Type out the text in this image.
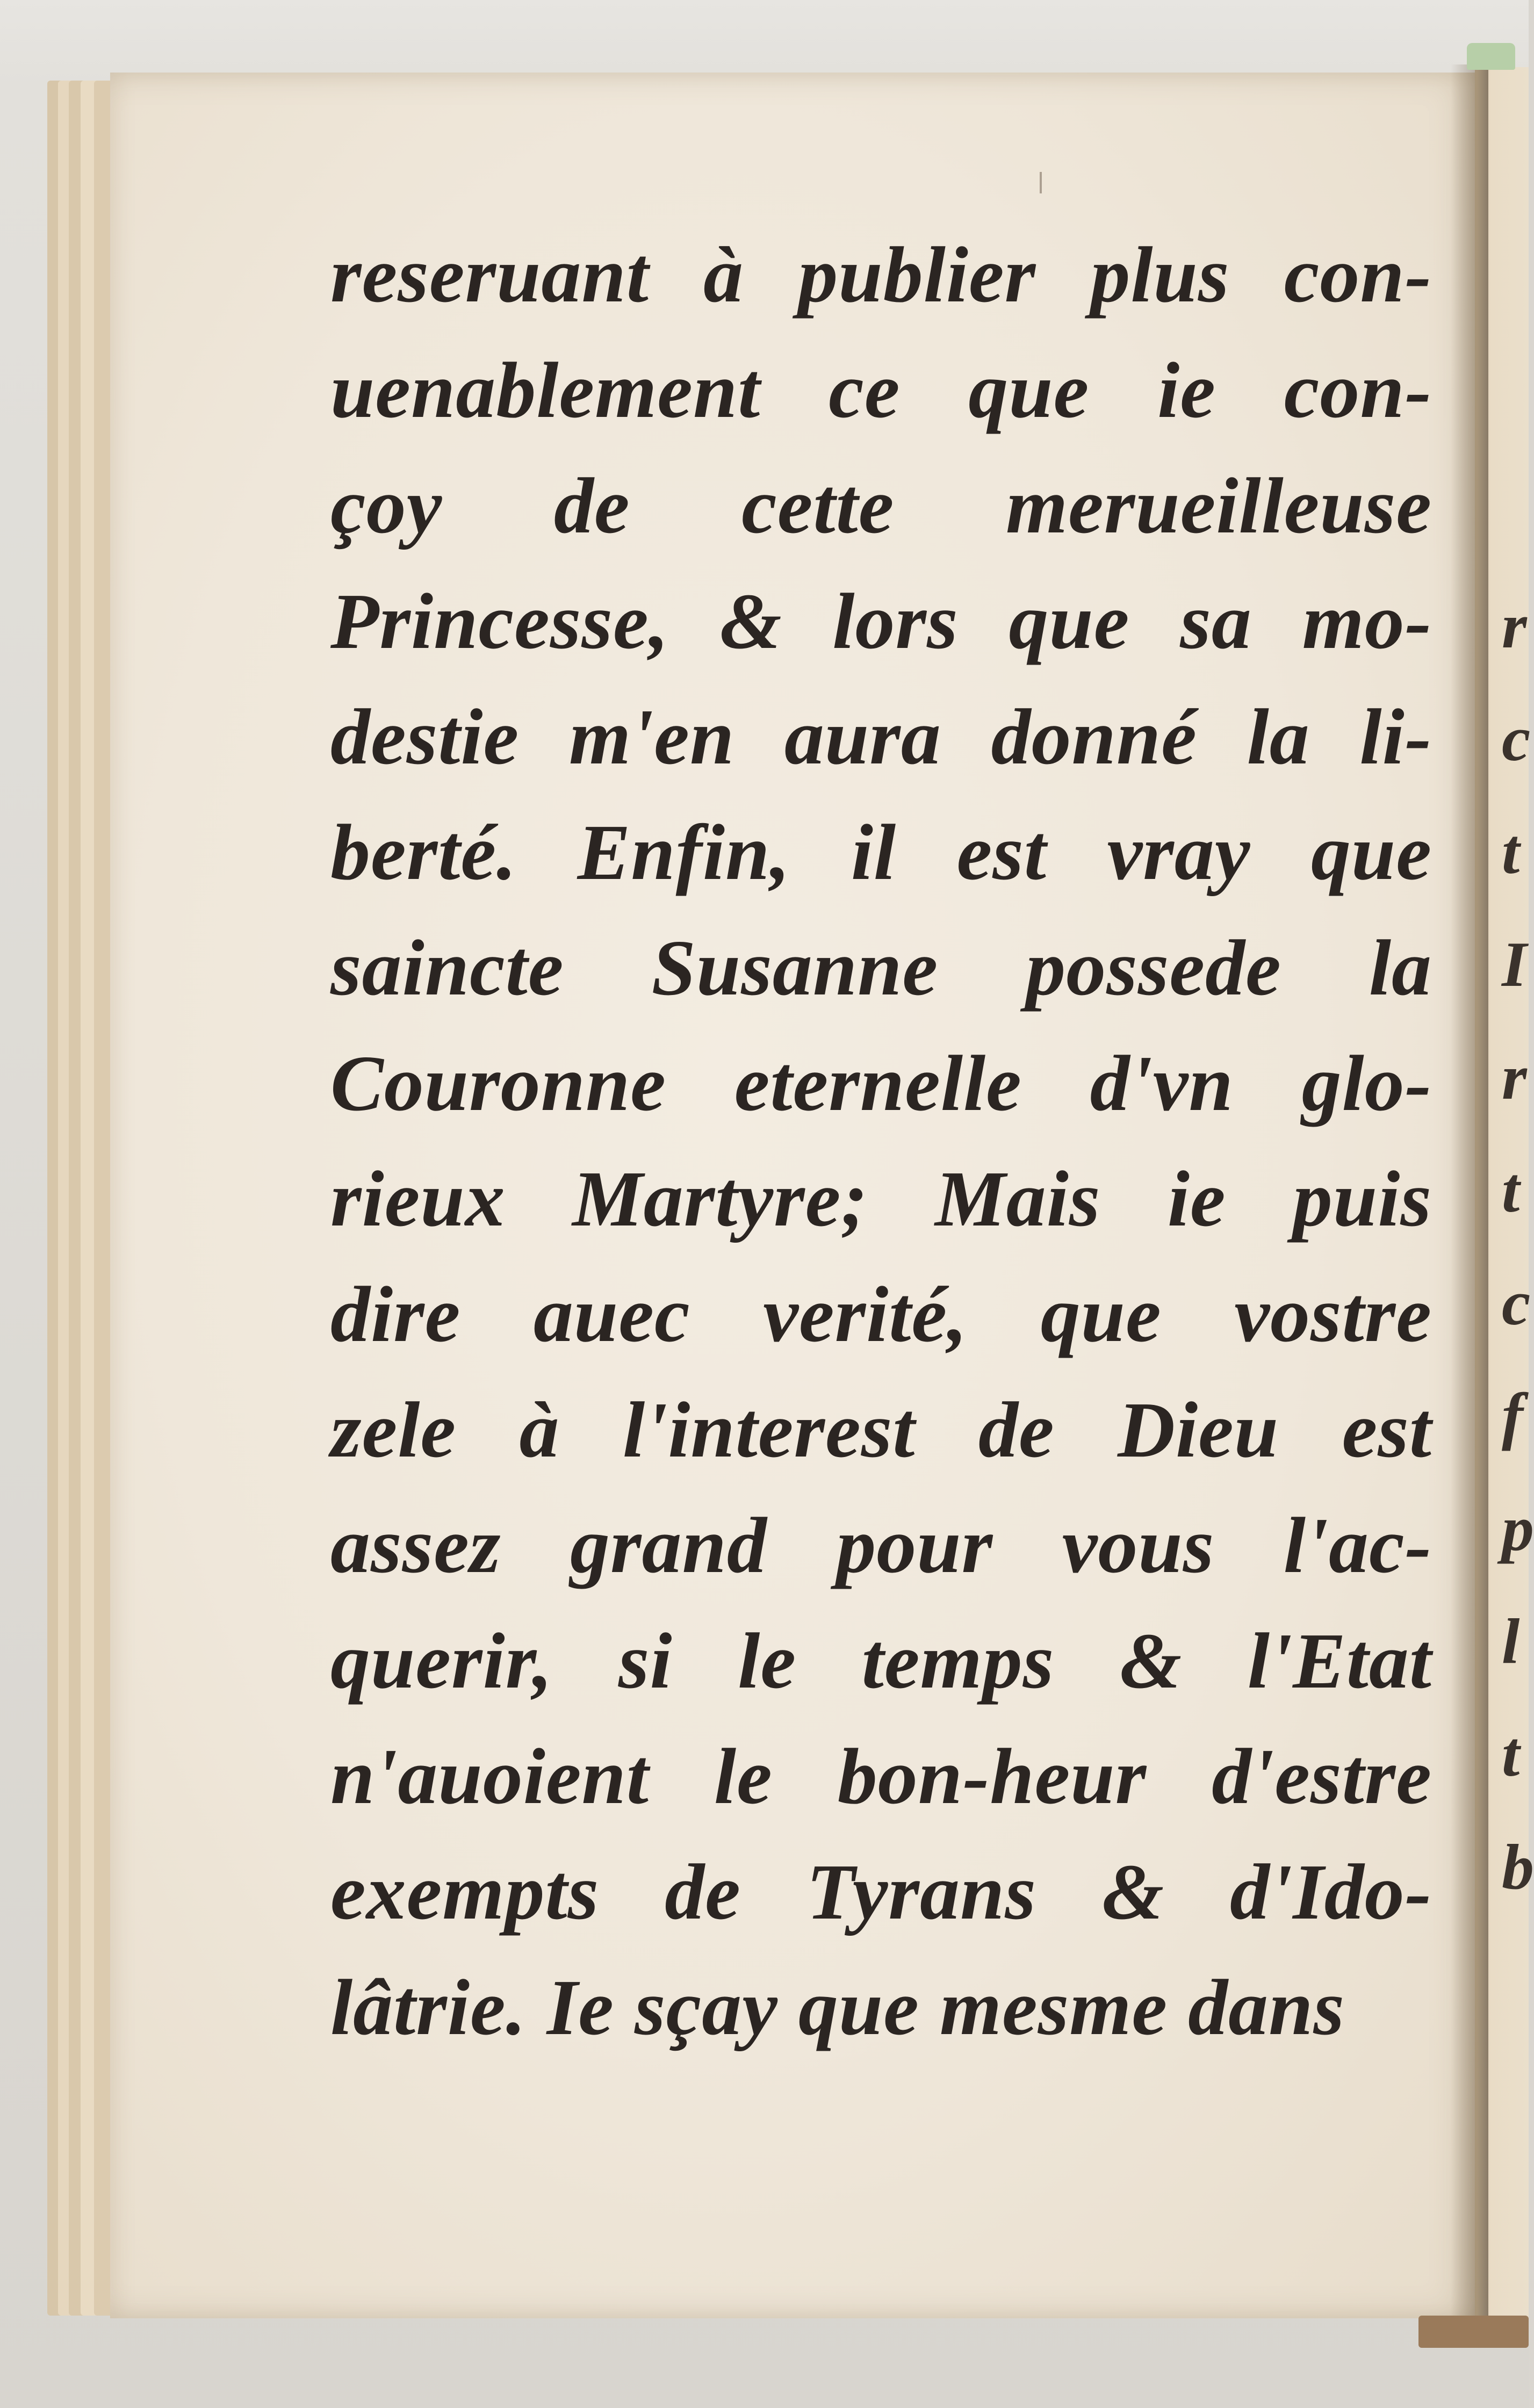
reseruant à publier plus con-
uenablement ce que ie con-
çoy de cette merueilleuse
Princesse, & lors que sa mo-
destie m'en aura donné la li-
berté. Enfin, il est vray que
saincte Susanne possede la
Couronne eternelle d'vn glo-
rieux Martyre; Mais ie puis
dire auec verité, que vostre
zele à l'interest de Dieu est
assez grand pour vous l'ac-
querir, si le temps & l'Etat
n'auoient le bon-heur d'estre
exempts de Tyrans & d'Ido-
lâtrie. Ie sçay que mesme dans
r
c
t
I
r
t
c
f
p
l
t
b
